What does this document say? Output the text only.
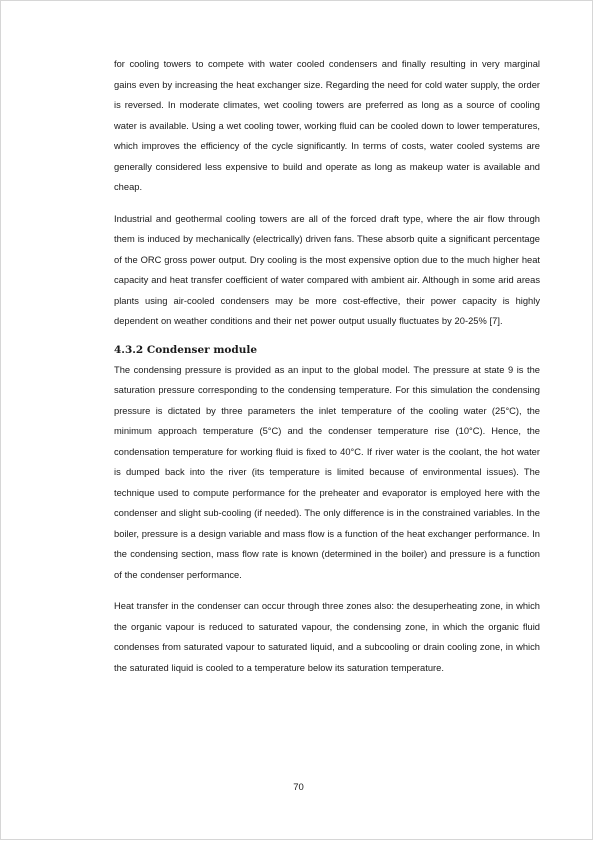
for cooling towers to compete with water cooled condensers and finally resulting in very marginal gains even by increasing the heat exchanger size. Regarding the need for cold water supply, the order is reversed. In moderate climates, wet cooling towers are preferred as long as a source of cooling water is available. Using a wet cooling tower, working fluid can be cooled down to lower temperatures, which improves the efficiency of the cycle significantly. In terms of costs, water cooled systems are generally considered less expensive to build and operate as long as makeup water is available and cheap.

Industrial and geothermal cooling towers are all of the forced draft type, where the air flow through them is induced by mechanically (electrically) driven fans. These absorb quite a significant percentage of the ORC gross power output. Dry cooling is the most expensive option due to the much higher heat capacity and heat transfer coefficient of water compared with ambient air. Although in some arid areas plants using air-cooled condensers may be more cost-effective, their power capacity is highly dependent on weather conditions and their net power output usually fluctuates by 20-25% [7].

4.3.2 Condenser module

The condensing pressure is provided as an input to the global model. The pressure at state 9 is the saturation pressure corresponding to the condensing temperature. For this simulation the condensing pressure is dictated by three parameters the inlet temperature of the cooling water (25°C), the minimum approach temperature (5°C) and the condenser temperature rise (10°C). Hence, the condensation temperature for working fluid is fixed to 40°C. If river water is the coolant, the hot water is dumped back into the river (its temperature is limited because of environmental issues). The technique used to compute performance for the preheater and evaporator is employed here with the condenser and slight sub-cooling (if needed). The only difference is in the constrained variables. In the boiler, pressure is a design variable and mass flow is a function of the heat exchanger performance. In the condensing section, mass flow rate is known (determined in the boiler) and pressure is a function of the condenser performance.

Heat transfer in the condenser can occur through three zones also: the desuperheating zone, in which the organic vapour is reduced to saturated vapour, the condensing zone, in which the organic fluid condenses from saturated vapour to saturated liquid, and a subcooling or drain cooling zone, in which the saturated liquid is cooled to a temperature below its saturation temperature.

70
